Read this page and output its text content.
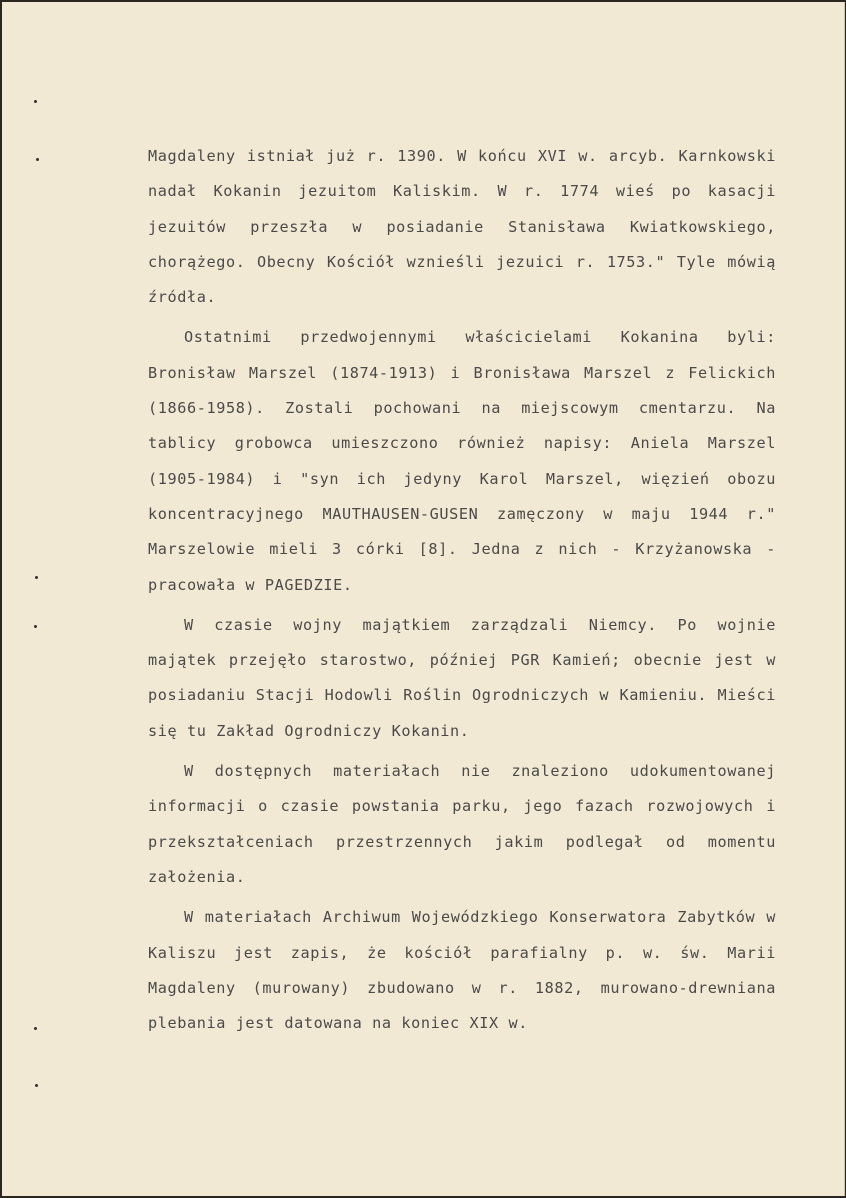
Magdaleny istniał już r. 1390. W końcu XVI w. arcyb. Karnkowski nadał Kokanin jezuitom Kaliskim. W r. 1774 wieś po kasacji jezuitów przeszła w posiadanie Stanisława Kwiatkowskiego, chorążego. Obecny Kościół wznieśli jezuici r. 1753." Tyle mówią źródła.

Ostatnimi przedwojennymi właścicielami Kokanina byli: Bronisław Marszel (1874-1913) i Bronisława Marszel z Felickich (1866-1958). Zostali pochowani na miejscowym cmentarzu. Na tablicy grobowca umieszczono również napisy: Aniela Marszel (1905-1984) i "syn ich jedyny Karol Marszel, więzień obozu koncentracyjnego MAUTHAUSEN-GUSEN zamęczony w maju 1944 r." Marszelowie mieli 3 córki [8]. Jedna z nich - Krzyżanowska - pracowała w PAGEDZIE.

W czasie wojny majątkiem zarządzali Niemcy. Po wojnie majątek przejęło starostwo, później PGR Kamień; obecnie jest w posiadaniu Stacji Hodowli Roślin Ogrodniczych w Kamieniu. Mieści się tu Zakład Ogrodniczy Kokanin.

W dostępnych materiałach nie znaleziono udokumentowanej informacji o czasie powstania parku, jego fazach rozwojowych i przekształceniach przestrzennych jakim podlegał od momentu założenia.

W materiałach Archiwum Wojewódzkiego Konserwatora Zabytków w Kaliszu jest zapis, że kościół parafialny p. w. św. Marii Magdaleny (murowany) zbudowano w r. 1882, murowano-drewniana plebania jest datowana na koniec XIX w.
